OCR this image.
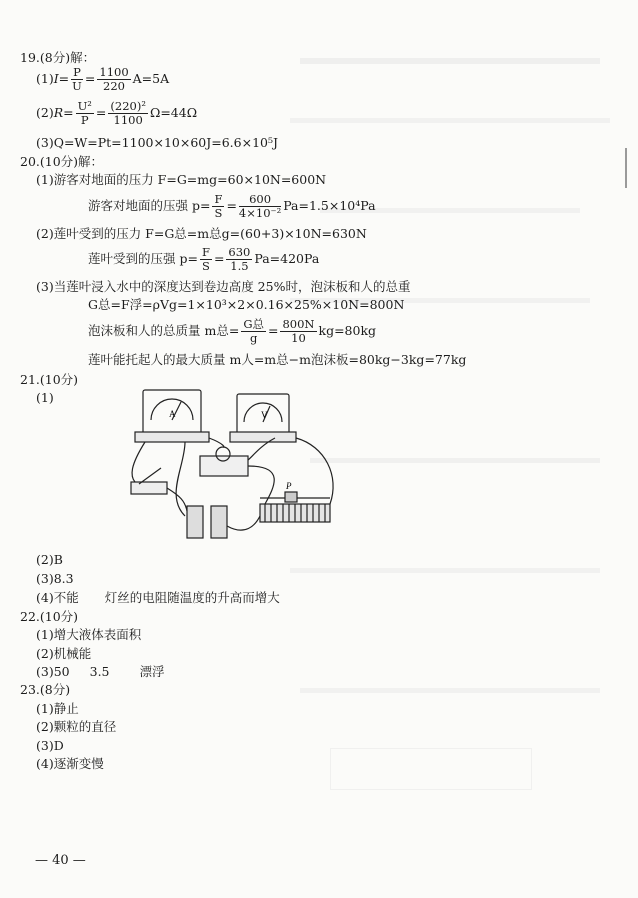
19.(8分)解：
$(1)I= \frac{P}{U} = \frac{1100}{220} A=5A$
$(2)R= \frac{\text{U²}}{P} = \frac{\text{(220)²}}{1100} \Omega=44\Omega$
(3)Q=W=Pt=1100×10×60J=6.6×10⁵J
20.(10分)解：
(1)游客对地面的压力 F=G=mg=60×10N=600N
游客对地面的压强 $p= \frac{F}{S} = \frac{600}{\text{4×10⁻²}} Pa=1.5\times 10^4Pa$
(2)莲叶受到的压力 F=G总=m总g=(60+3)×10N=630N
莲叶受到的压强 $p= \frac{F}{S} = \frac{630}{1.5} Pa=420Pa$
(3)当莲叶浸入水中的深度达到卷边高度 25%时，泡沫板和人的总重
G总=F浮=ρVg=1×10³×2×0.16×25%×10N=800N
泡沫板和人的总质量 m总= G总
$g = \frac{800N}{10} kg=80kg$
莲叶能托起人的最大质量 m人=m总−m泡沫板=80kg−3kg=77kg
21.(10分)
(1)
A	V
P
(2)B
(3)8.3
(4)不能 灯丝的电阻随温度的升高而增大
22.(10分)
(1)增大液体表面积
(2)机械能
(3)50 3.5 漂浮
23.(8分)
(1)静止
(2)颗粒的直径
(3)D
(4)逐渐变慢
— 40 —
